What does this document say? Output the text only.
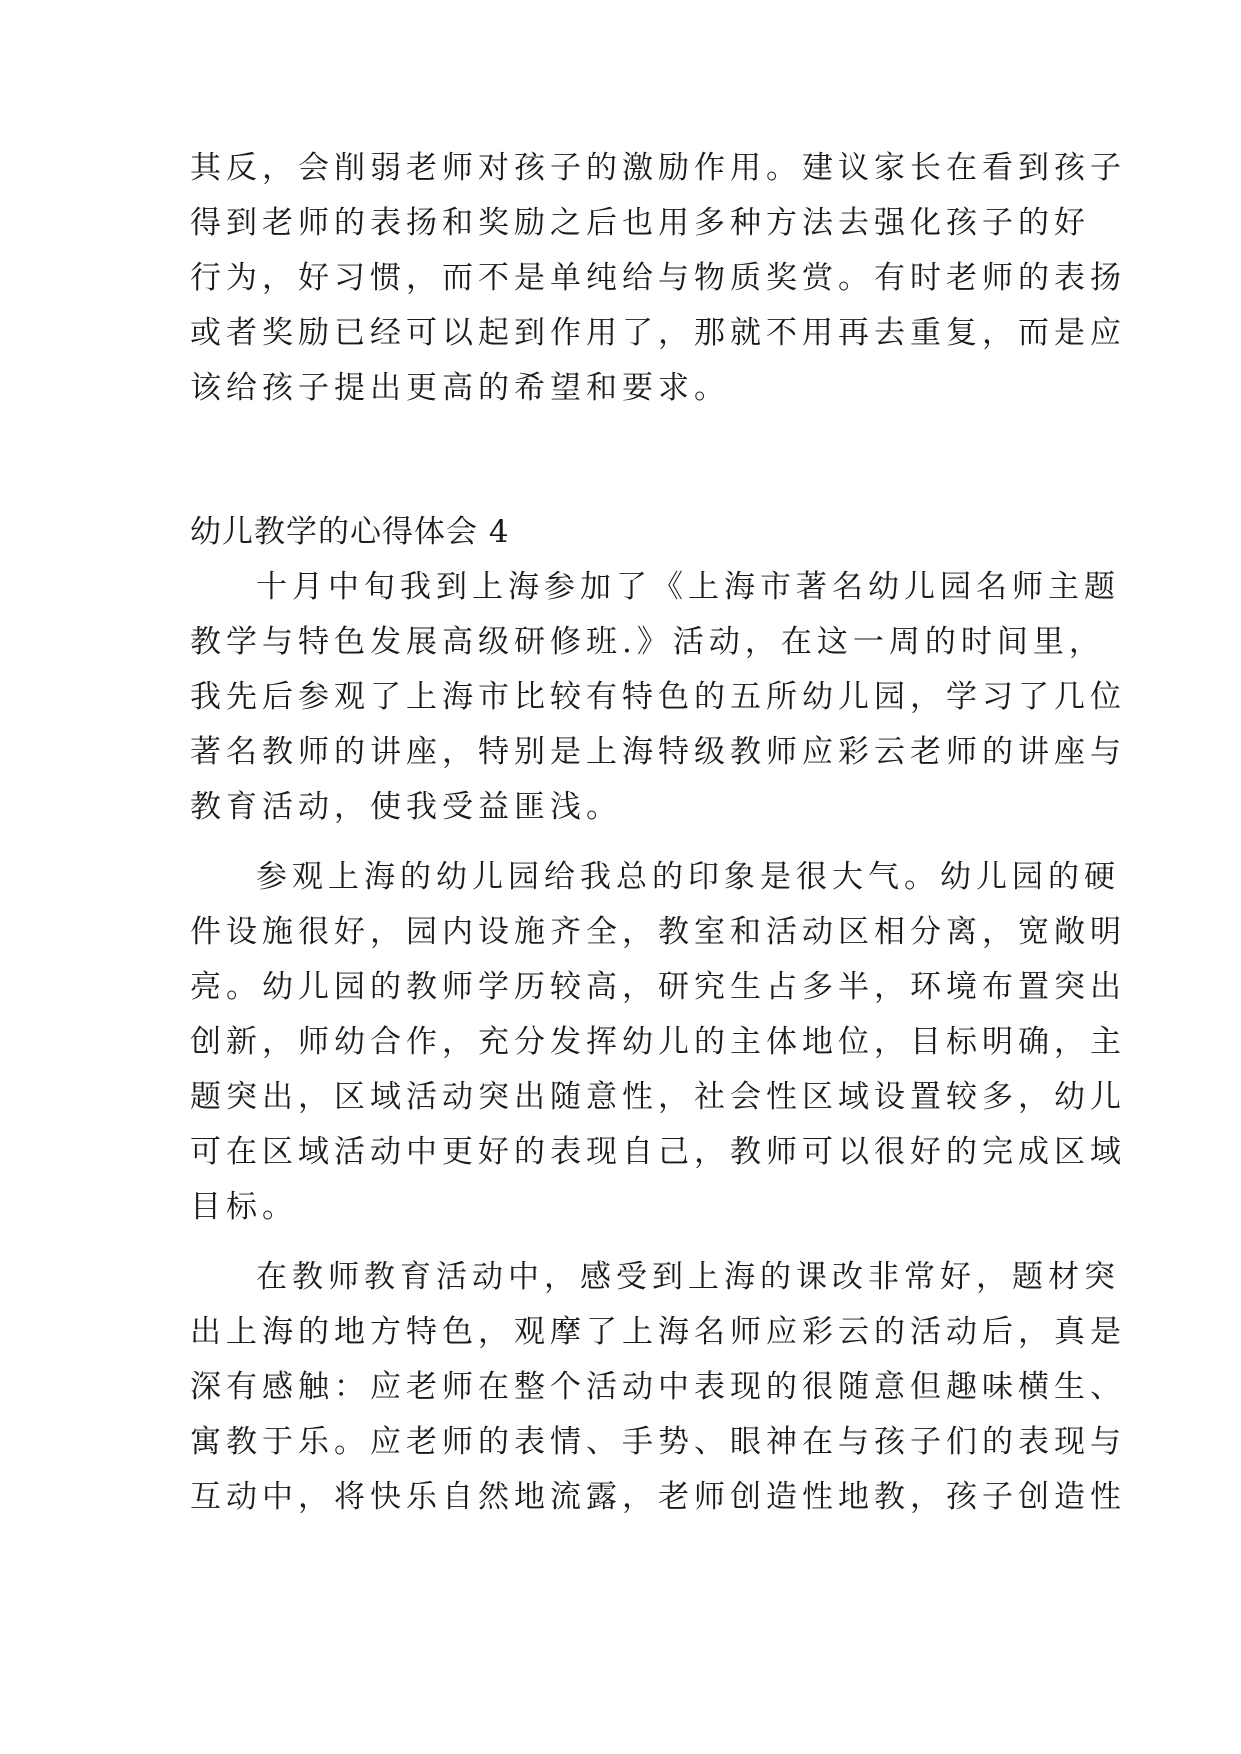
其反，会削弱老师对孩子的激励作用。建议家长在看到孩子
得到老师的表扬和奖励之后也用多种方法去强化孩子的好
行为，好习惯，而不是单纯给与物质奖赏。有时老师的表扬
或者奖励已经可以起到作用了，那就不用再去重复，而是应
该给孩子提出更高的希望和要求。
幼儿教学的心得体会 4
十月中旬我到上海参加了《上海市著名幼儿园名师主题
教学与特色发展高级研修班.》活动，在这一周的时间里，
我先后参观了上海市比较有特色的五所幼儿园，学习了几位
著名教师的讲座，特别是上海特级教师应彩云老师的讲座与
教育活动，使我受益匪浅。
参观上海的幼儿园给我总的印象是很大气。幼儿园的硬
件设施很好，园内设施齐全，教室和活动区相分离，宽敞明
亮。幼儿园的教师学历较高，研究生占多半，环境布置突出
创新，师幼合作，充分发挥幼儿的主体地位，目标明确，主
题突出，区域活动突出随意性，社会性区域设置较多，幼儿
可在区域活动中更好的表现自己，教师可以很好的完成区域
目标。
在教师教育活动中，感受到上海的课改非常好，题材突
出上海的地方特色，观摩了上海名师应彩云的活动后，真是
深有感触：应老师在整个活动中表现的很随意但趣味横生、
寓教于乐。应老师的表情、手势、眼神在与孩子们的表现与
互动中，将快乐自然地流露，老师创造性地教，孩子创造性
